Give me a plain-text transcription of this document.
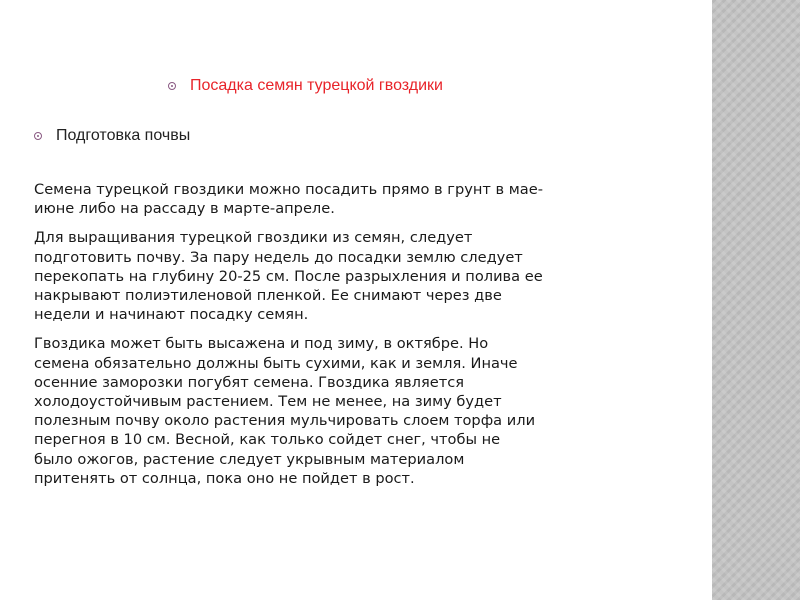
Посадка семян турецкой гвоздики
Подготовка почвы

Семена турецкой гвоздики можно посадить прямо в грунт в мае-
июне либо на рассаду в марте-апреле.

Для выращивания турецкой гвоздики из семян, следует
подготовить почву. За пару недель до посадки землю следует
перекопать на глубину 20-25 см. После разрыхления и полива ее
накрывают полиэтиленовой пленкой. Ее снимают через две
недели и начинают посадку семян.

Гвоздика может быть высажена и под зиму, в октябре. Но
семена обязательно должны быть сухими, как и земля. Иначе
осенние заморозки погубят семена. Гвоздика является
холодоустойчивым растением. Тем не менее, на зиму будет
полезным почву около растения мульчировать слоем торфа или
перегноя в 10 см. Весной, как только сойдет снег, чтобы не
было ожогов, растение следует укрывным материалом
притенять от солнца, пока оно не пойдет в рост.
